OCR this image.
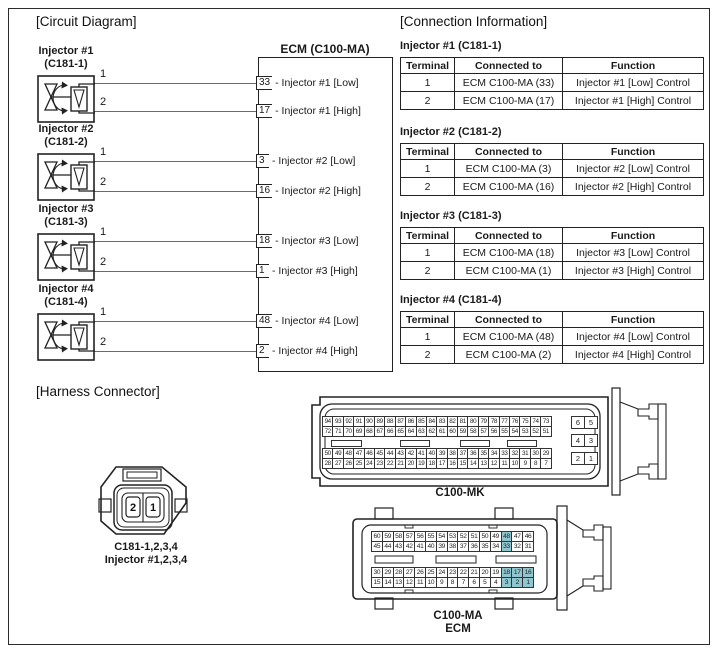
[Circuit Diagram]	[Connection Information]
[Harness Connector]
Injector #1
(C181-1)
1
2
Injector #2
(C181-2)
1
2
Injector #3
(C181-3)
1
2
Injector #4
(C181-4)
1
2
ECM (C100-MA)
33 - Injector #1 [Low]
17 - Injector #1 [High]
3 - Injector #2 [Low]
16 - Injector #2 [High]
18 - Injector #3 [Low]
1 - Injector #3 [High]
48 - Injector #4 [Low]
2 - Injector #4 [High]
Injector #1 (C181-1)
Terminal	Connected to	Function
1	ECM C100-MA (33)	Injector #1 [Low] Control
2	ECM C100-MA (17)	Injector #1 [High] Control
Injector #2 (C181-2)
Terminal	Connected to	Function
1	ECM C100-MA (3)	Injector #2 [Low] Control
2	ECM C100-MA (16)	Injector #2 [High] Control
Injector #3 (C181-3)
Terminal	Connected to	Function
1	ECM C100-MA (18)	Injector #3 [Low] Control
2	ECM C100-MA (1)	Injector #3 [High] Control
Injector #4 (C181-4)
Terminal	Connected to	Function
1	ECM C100-MA (48)	Injector #4 [Low] Control
2	ECM C100-MA (2)	Injector #4 [High] Control
2 1
C181-1,2,3,4
Injector #1,2,3,4
94 93 92 91 90 89 88 87 86 85 84 83 82 81 80 79 78 77 76 75 74 73
72 71 70 69 68 67 66 65 64 63 62 61 60 59 58 57 56 55 54 53 52 51
50 49 48 47 46 45 44 43 42 41 40 39 38 37 36 35 34 33 32 31 30 29
28 27 26 25 24 23 22 21 20 19 18 17 16 15 14 13 12 11 10 9	8	7
6	5
4	3
2	1
C100-MK
60 59 58 57 56 55 54 53 52 51 50 49 48 47 46
45 44 43 42 41 40 39 38 37 36 35 34 33 32 31
30 29 28 27 26 25 24 23 22 21 20 19 18 17 16
15 14 13 12 11 10 9	8	7	6	5	4	3	2	1
C100-MA
ECM
